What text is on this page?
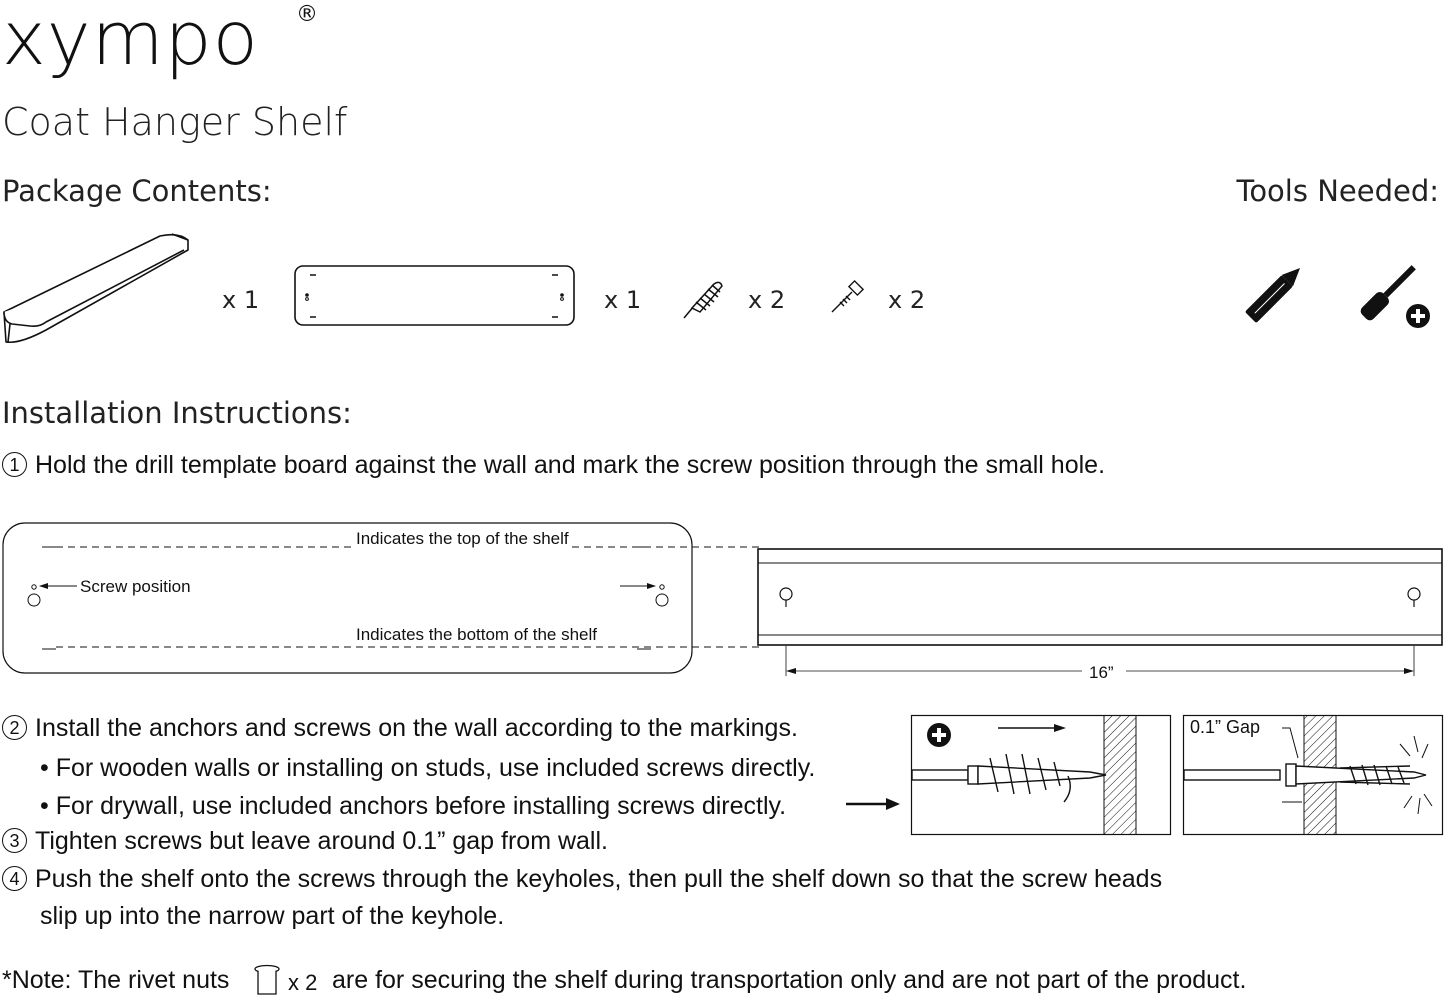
xympo ®
Coat Hanger Shelf
Package Contents:	Tools Needed:
x 1	x 1	x 2	x 2
Installation Instructions:
1 Hold the drill template board against the wall and mark the screw position through the small hole.
Indicates the top of the shelf
Screw position
Indicates the bottom of the shelf
16”
2 Install the anchors and screws on the wall according to the markings.
• For wooden walls or installing on studs, use included screws directly.
• For drywall, use included anchors before installing screws directly.
0.1” Gap
3 Tighten screws but leave around 0.1” gap from wall.
4 Push the shelf onto the screws through the keyholes, then pull the shelf down so that the screw heads
slip up into the narrow part of the keyhole.
*Note: The rivet nuts	x 2 are for securing the shelf during transportation only and are not part of the product.
